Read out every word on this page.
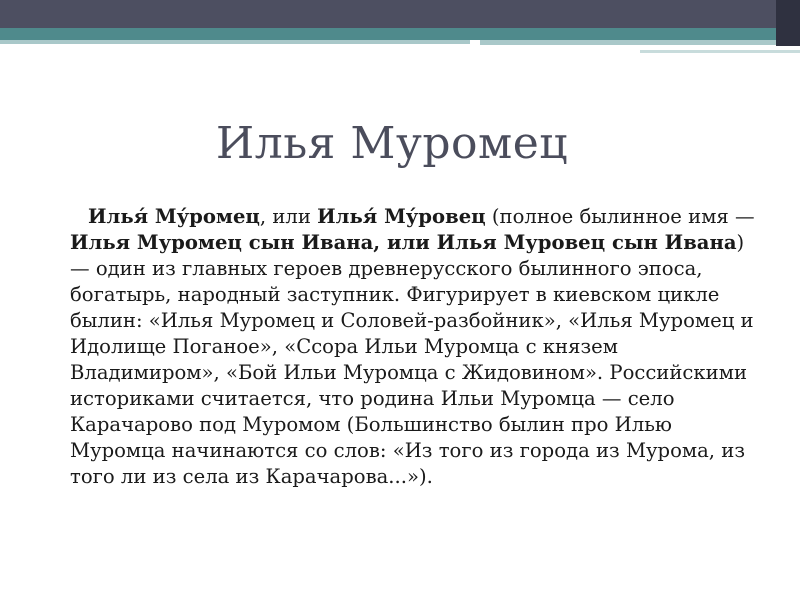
Илья Муромец

Илья́ Му́ромец, или Илья́ Му́ровец (полное былинное имя — Илья Муромец сын Ивана, или Илья Муровец сын Ивана) — один из главных героев древнерусского былинного эпоса, богатырь, народный заступник. Фигурирует в киевском цикле былин: «Илья Муромец и Соловей-разбойник», «Илья Муромец и Идолище Поганое», «Ссора Ильи Муромца с князем Владимиром», «Бой Ильи Муромца с Жидовином». Российскими историками считается, что родина Ильи Муромца — село Карачарово под Муромом (Большинство былин про Илью Муромца начинаются со слов: «Из того из города из Мурома, из того ли из села из Карачарова...»).
